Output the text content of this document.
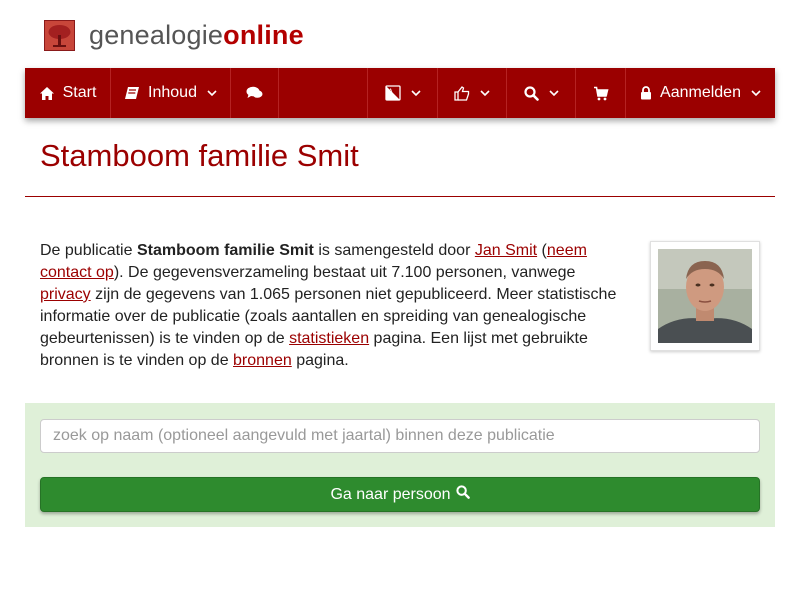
genealogieonline
Start	Inhoud	A	Aanmelden
Stamboom familie Smit
De publicatie Stamboom familie Smit is samengesteld door Jan Smit (neem contact op). De gegevensverzameling bestaat uit 7.100 personen, vanwege privacy zijn de gegevens van 1.065 personen niet gepubliceerd. Meer statistische informatie over de publicatie (zoals aantallen en spreiding van genealogische gebeurtenissen) is te vinden op de statistieken pagina. Een lijst met gebruikte bronnen is te vinden op de bronnen pagina.
zoek op naam (optioneel aangevuld met jaartal) binnen deze publicatie
Ga naar persoon
